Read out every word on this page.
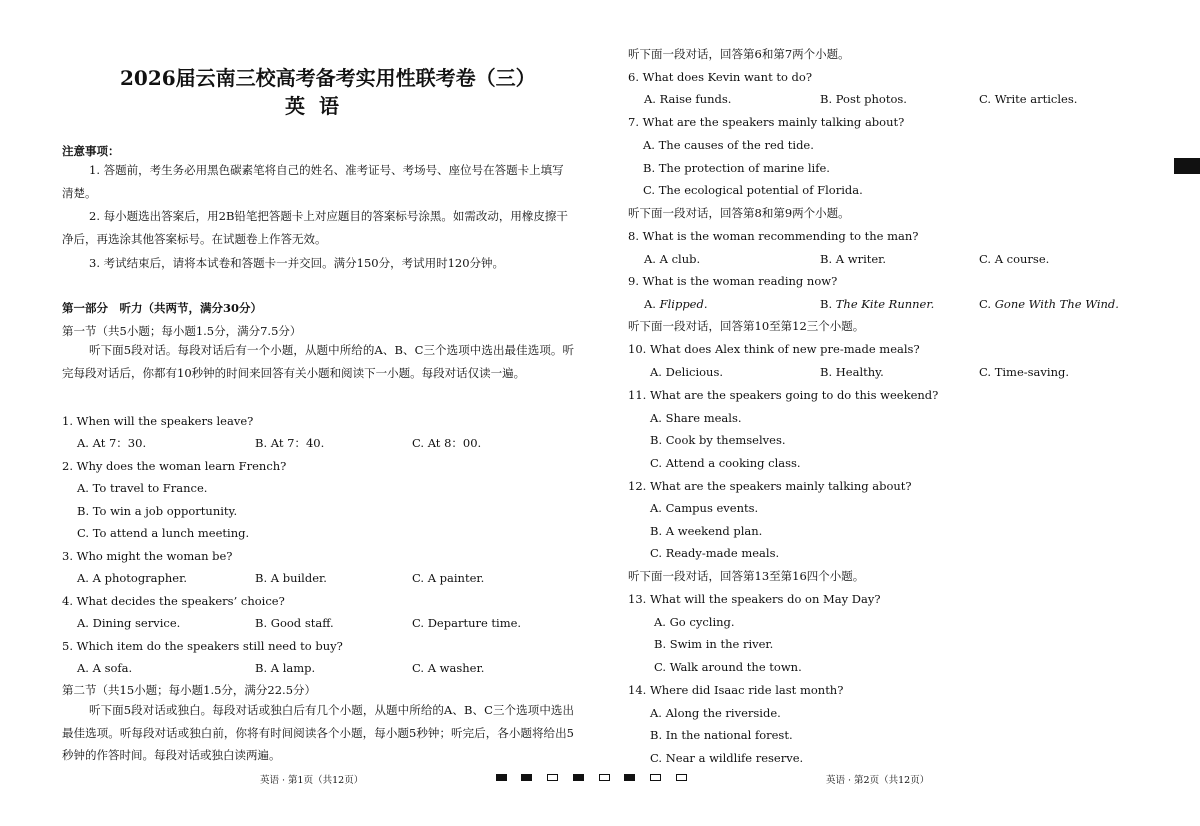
2026届云南三校高考备考实用性联考卷（三）
英语
注意事项：
1. 答题前，考生务必用黑色碳素笔将自己的姓名、准考证号、考场号、座位号在答题卡上填写清楚。
2. 每小题选出答案后，用2B铅笔把答题卡上对应题目的答案标号涂黑。如需改动，用橡皮擦干净后，再选涂其他答案标号。在试题卷上作答无效。
3. 考试结束后，请将本试卷和答题卡一并交回。满分150分，考试用时120分钟。
第一部分　听力（共两节，满分30分）
第一节（共5小题；每小题1.5分，满分7.5分）
听下面5段对话。每段对话后有一个小题，从题中所给的A、B、C三个选项中选出最佳选项。听完每段对话后，你都有10秒钟的时间来回答有关小题和阅读下一小题。每段对话仅读一遍。
1. When will the speakers leave?
A. At 7：30.	B. At 7：40.	C. At 8：00.
2. Why does the woman learn French?
A. To travel to France.
B. To win a job opportunity.
C. To attend a lunch meeting.
3. Who might the woman be?
A. A photographer.	B. A builder.	C. A painter.
4. What decides the speakers’ choice?
A. Dining service.	B. Good staff.	C. Departure time.
5. Which item do the speakers still need to buy?
A. A sofa.	B. A lamp.	C. A washer.
第二节（共15小题；每小题1.5分，满分22.5分）
听下面5段对话或独白。每段对话或独白后有几个小题，从题中所给的A、B、C三个选项中选出最佳选项。听每段对话或独白前，你将有时间阅读各个小题，每小题5秒钟；听完后，各小题将给出5秒钟的作答时间。每段对话或独白读两遍。
英语 · 第1页（共12页）
听下面一段对话，回答第6和第7两个小题。
6. What does Kevin want to do?
A. Raise funds.	B. Post photos.	C. Write articles.
7. What are the speakers mainly talking about?
A. The causes of the red tide.
B. The protection of marine life.
C. The ecological potential of Florida.
听下面一段对话，回答第8和第9两个小题。
8. What is the woman recommending to the man?
A. A club.	B. A writer.	C. A course.
9. What is the woman reading now?
A. Flipped.	B. The Kite Runner.	C. Gone With The Wind.
听下面一段对话，回答第10至第12三个小题。
10. What does Alex think of new pre-made meals?
A. Delicious.	B. Healthy.	C. Time-saving.
11. What are the speakers going to do this weekend?
A. Share meals.
B. Cook by themselves.
C. Attend a cooking class.
12. What are the speakers mainly talking about?
A. Campus events.
B. A weekend plan.
C. Ready-made meals.
听下面一段对话，回答第13至第16四个小题。
13. What will the speakers do on May Day?
A. Go cycling.
B. Swim in the river.
C. Walk around the town.
14. Where did Isaac ride last month?
A. Along the riverside.
B. In the national forest.
C. Near a wildlife reserve.
英语 · 第2页（共12页）
